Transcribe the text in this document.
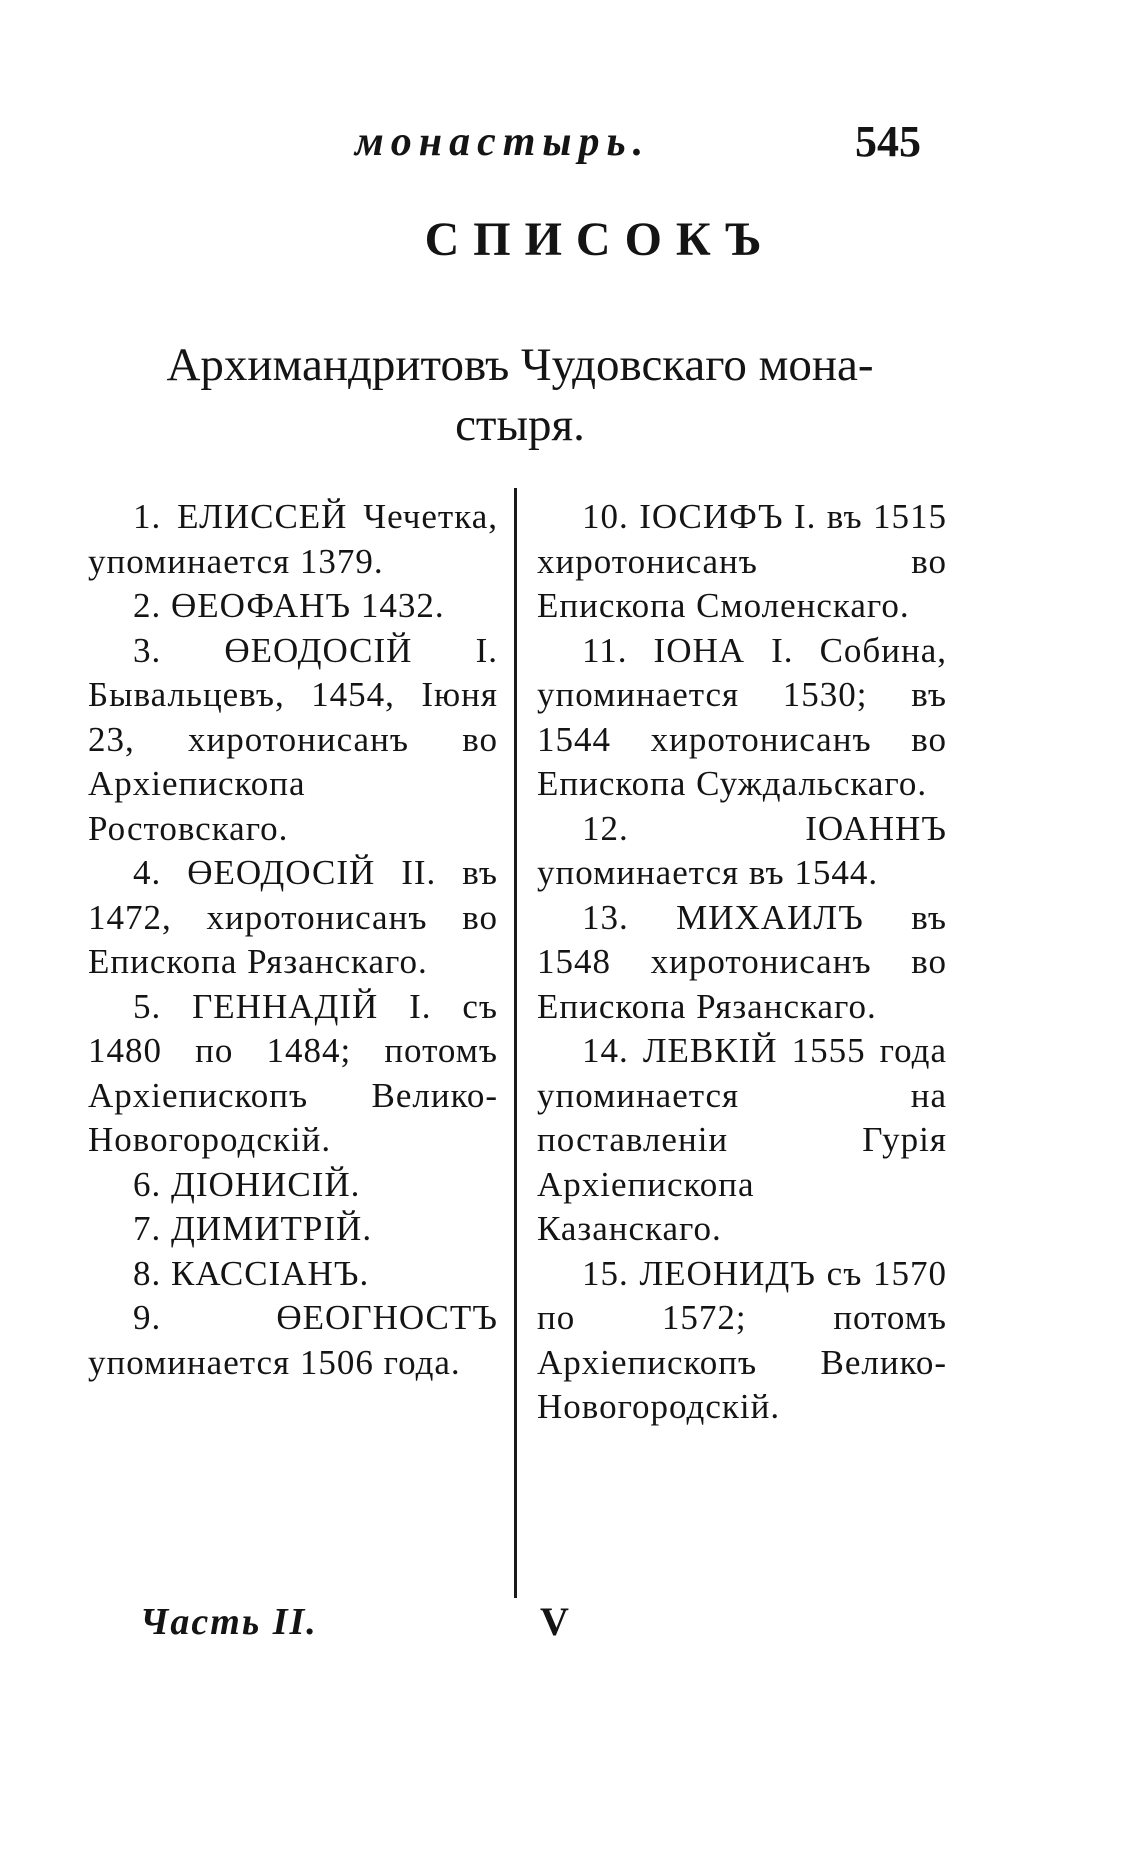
монастырь.	545
СПИСОКЪ
Архимандритовъ Чудовскаго мона-
стыря.

1. ЕЛИССЕЙ Чечетка, упоминается 1379.

2. ӨЕОФАНЪ 1432.

3. ӨЕОДОСІЙ I. Бывальцевъ, 1454, Іюня 23, хиротонисанъ во Архіепископа Ростовскаго.

4. ӨЕОДОСІЙ II. въ 1472, хиротонисанъ во Епископа Рязанскаго.

5. ГЕННАДІЙ I. съ 1480 по 1484; потомъ Архіепископъ Велико-Новогородскій.

6. ДІОНИСІЙ.

7. ДИМИТРІЙ.

8. КАССІАНЪ.

9. ӨЕОГНОСТЪ упоминается 1506 года.

10. ІОСИФЪ I. въ 1515 хиротонисанъ во Епископа Смоленскаго.

11. ІОНА I. Собина, упоминается 1530; въ 1544 хиротонисанъ во Епископа Суждальскаго.

12. ІОАННЪ упоминается въ 1544.

13. МИХАИЛЪ въ 1548 хиротонисанъ во Епископа Рязанскаго.

14. ЛЕВКІЙ 1555 года упоминается на поставленіи Гурія Архіепископа Казанскаго.

15. ЛЕОНИДЪ съ 1570 по 1572; потомъ Архіепископъ Велико-Новогородскій.

Часть II.	V
